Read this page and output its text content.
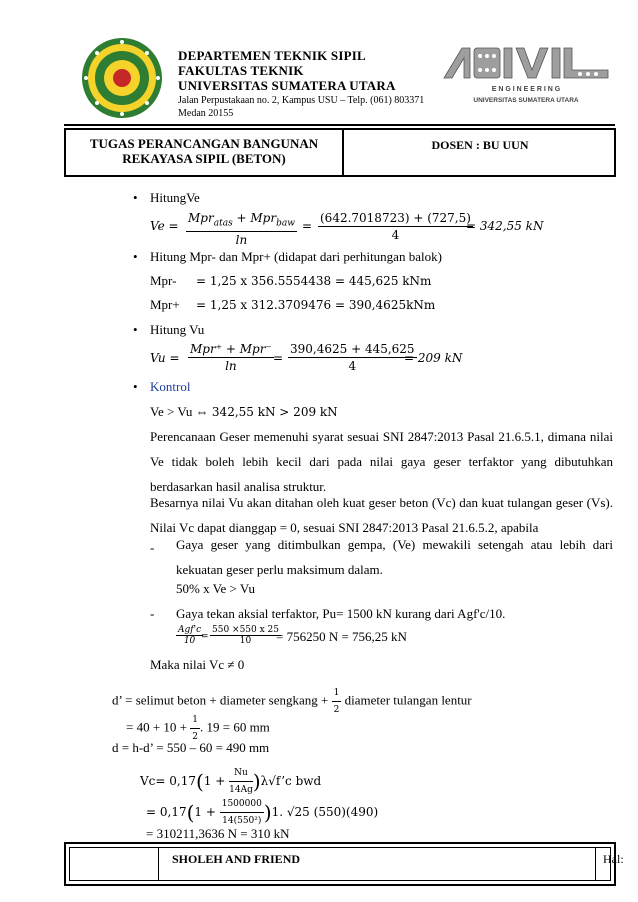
DEPARTEMEN TEKNIK SIPIL
FAKULTAS TEKNIK
UNIVERSITAS SUMATERA UTARA
Jalan Perpustakaan no. 2, Kampus USU – Telp. (061) 803371
Medan 20155
E N G I N E E R I N G
UNIVERSITAS SUMATERA UTARA
TUGAS PERANCANGAN BANGUNAN
REKAYASA SIPIL (BETON)
DOSEN : BU UUN
• HitungVe
Ve =
Mpr$_{atas}$ + Mpr$_{baw}$
ln
= $\frac{(642.7018723) + (727,5)}{4}$
= 342,55 kN
• Hitung Mpr- dan Mpr+ (didapat dari perhitungan balok)
Mpr- = 1,25 x 356.5554438 = 445,625 kNm
Mpr+ = 1,25 x 312.3709476 = 390,4625kNm
• Hitung Vu
Vu =
Mpr⁺ + Mpr⁻
ln
= $\frac{390,4625 + 445,625}{4}$
= 209 kN
• Kontrol
Ve > Vu ⇔ 342,55 kN > 209 kN
Perencanaan Geser memenuhi syarat sesuai SNI 2847:2013 Pasal 21.6.5.1, dimana nilai Ve tidak boleh lebih kecil dari pada nilai gaya geser terfaktor yang dibutuhkan berdasarkan hasil analisa struktur.
Besarnya nilai Vu akan ditahan oleh kuat geser beton (Vc) dan kuat tulangan geser (Vs). Nilai Vc dapat dianggap = 0, sesuai SNI 2847:2013 Pasal 21.6.5.2, apabila
- Gaya geser yang ditimbulkan gempa, (Ve) mewakili setengah atau lebih dari kekuatan geser perlu maksimum dalam.
50% x Ve > Vu
- Gaya tekan aksial terfaktor, Pu= 1500 kN kurang dari Agf'c/10.
Agf'c
$10 = \frac{550 \times 550 x 25}{10}$
= 756250 N = 756,25 kN
Maka nilai Vc ≠ 0
d’ = selimut beton + diameter sengkang + $\frac{1}{2}$ diameter tulangan lentur
= $40 + 10 + \frac{1}{2}$ . 19 = 60 mm
d = h-d’ = 550 – 60 = 490 mm
$Vc= 0,17(1 + \frac{Nu}{14Ag}$ )λ√f’c bwd
= $0,17(1 + \frac{1500000}{\text{14(550²)}} )1$. √25 (550)(490)
= 310211,3636 N = 310 kN
SHOLEH AND FRIEND	Hal:
